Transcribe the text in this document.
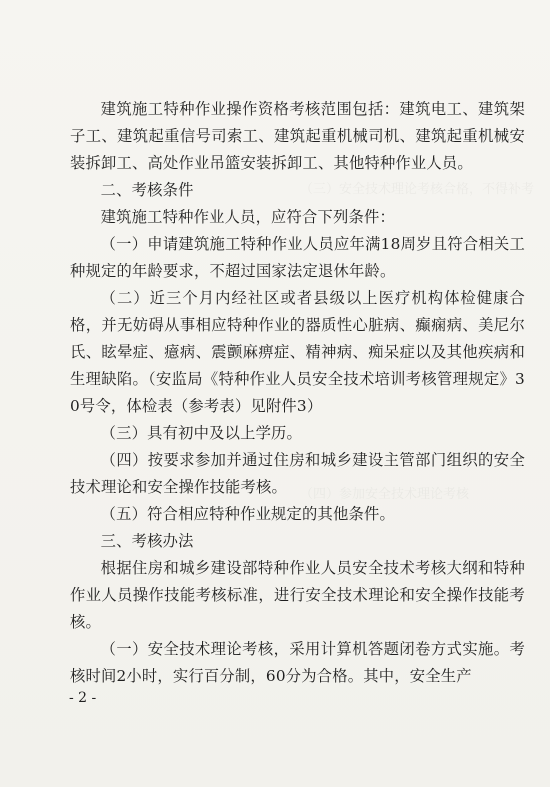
（三）安全技术理论考核合格，不得补考
（四）参加安全技术理论考核

建筑施工特种作业操作资格考核范围包括：建筑电工、建筑架子工、建筑起重信号司索工、建筑起重机械司机、建筑起重机械安装拆卸工、高处作业吊篮安装拆卸工、其他特种作业人员。

二、考核条件

建筑施工特种作业人员，应符合下列条件：

（一）申请建筑施工特种作业人员应年满18周岁且符合相关工种规定的年龄要求，不超过国家法定退休年龄。

（二）近三个月内经社区或者县级以上医疗机构体检健康合格，并无妨碍从事相应特种作业的器质性心脏病、癫痫病、美尼尔氏、眩晕症、癔病、震颤麻痹症、精神病、痴呆症以及其他疾病和生理缺陷。（安监局《特种作业人员安全技术培训考核管理规定》30号令，体检表（参考表）见附件3）

（三）具有初中及以上学历。

（四）按要求参加并通过住房和城乡建设主管部门组织的安全技术理论和安全操作技能考核。

（五）符合相应特种作业规定的其他条件。

三、考核办法

根据住房和城乡建设部特种作业人员安全技术考核大纲和特种作业人员操作技能考核标准，进行安全技术理论和安全操作技能考核。

（一）安全技术理论考核，采用计算机答题闭卷方式实施。考核时间2小时，实行百分制，60分为合格。其中，安全生产

- 2 -
